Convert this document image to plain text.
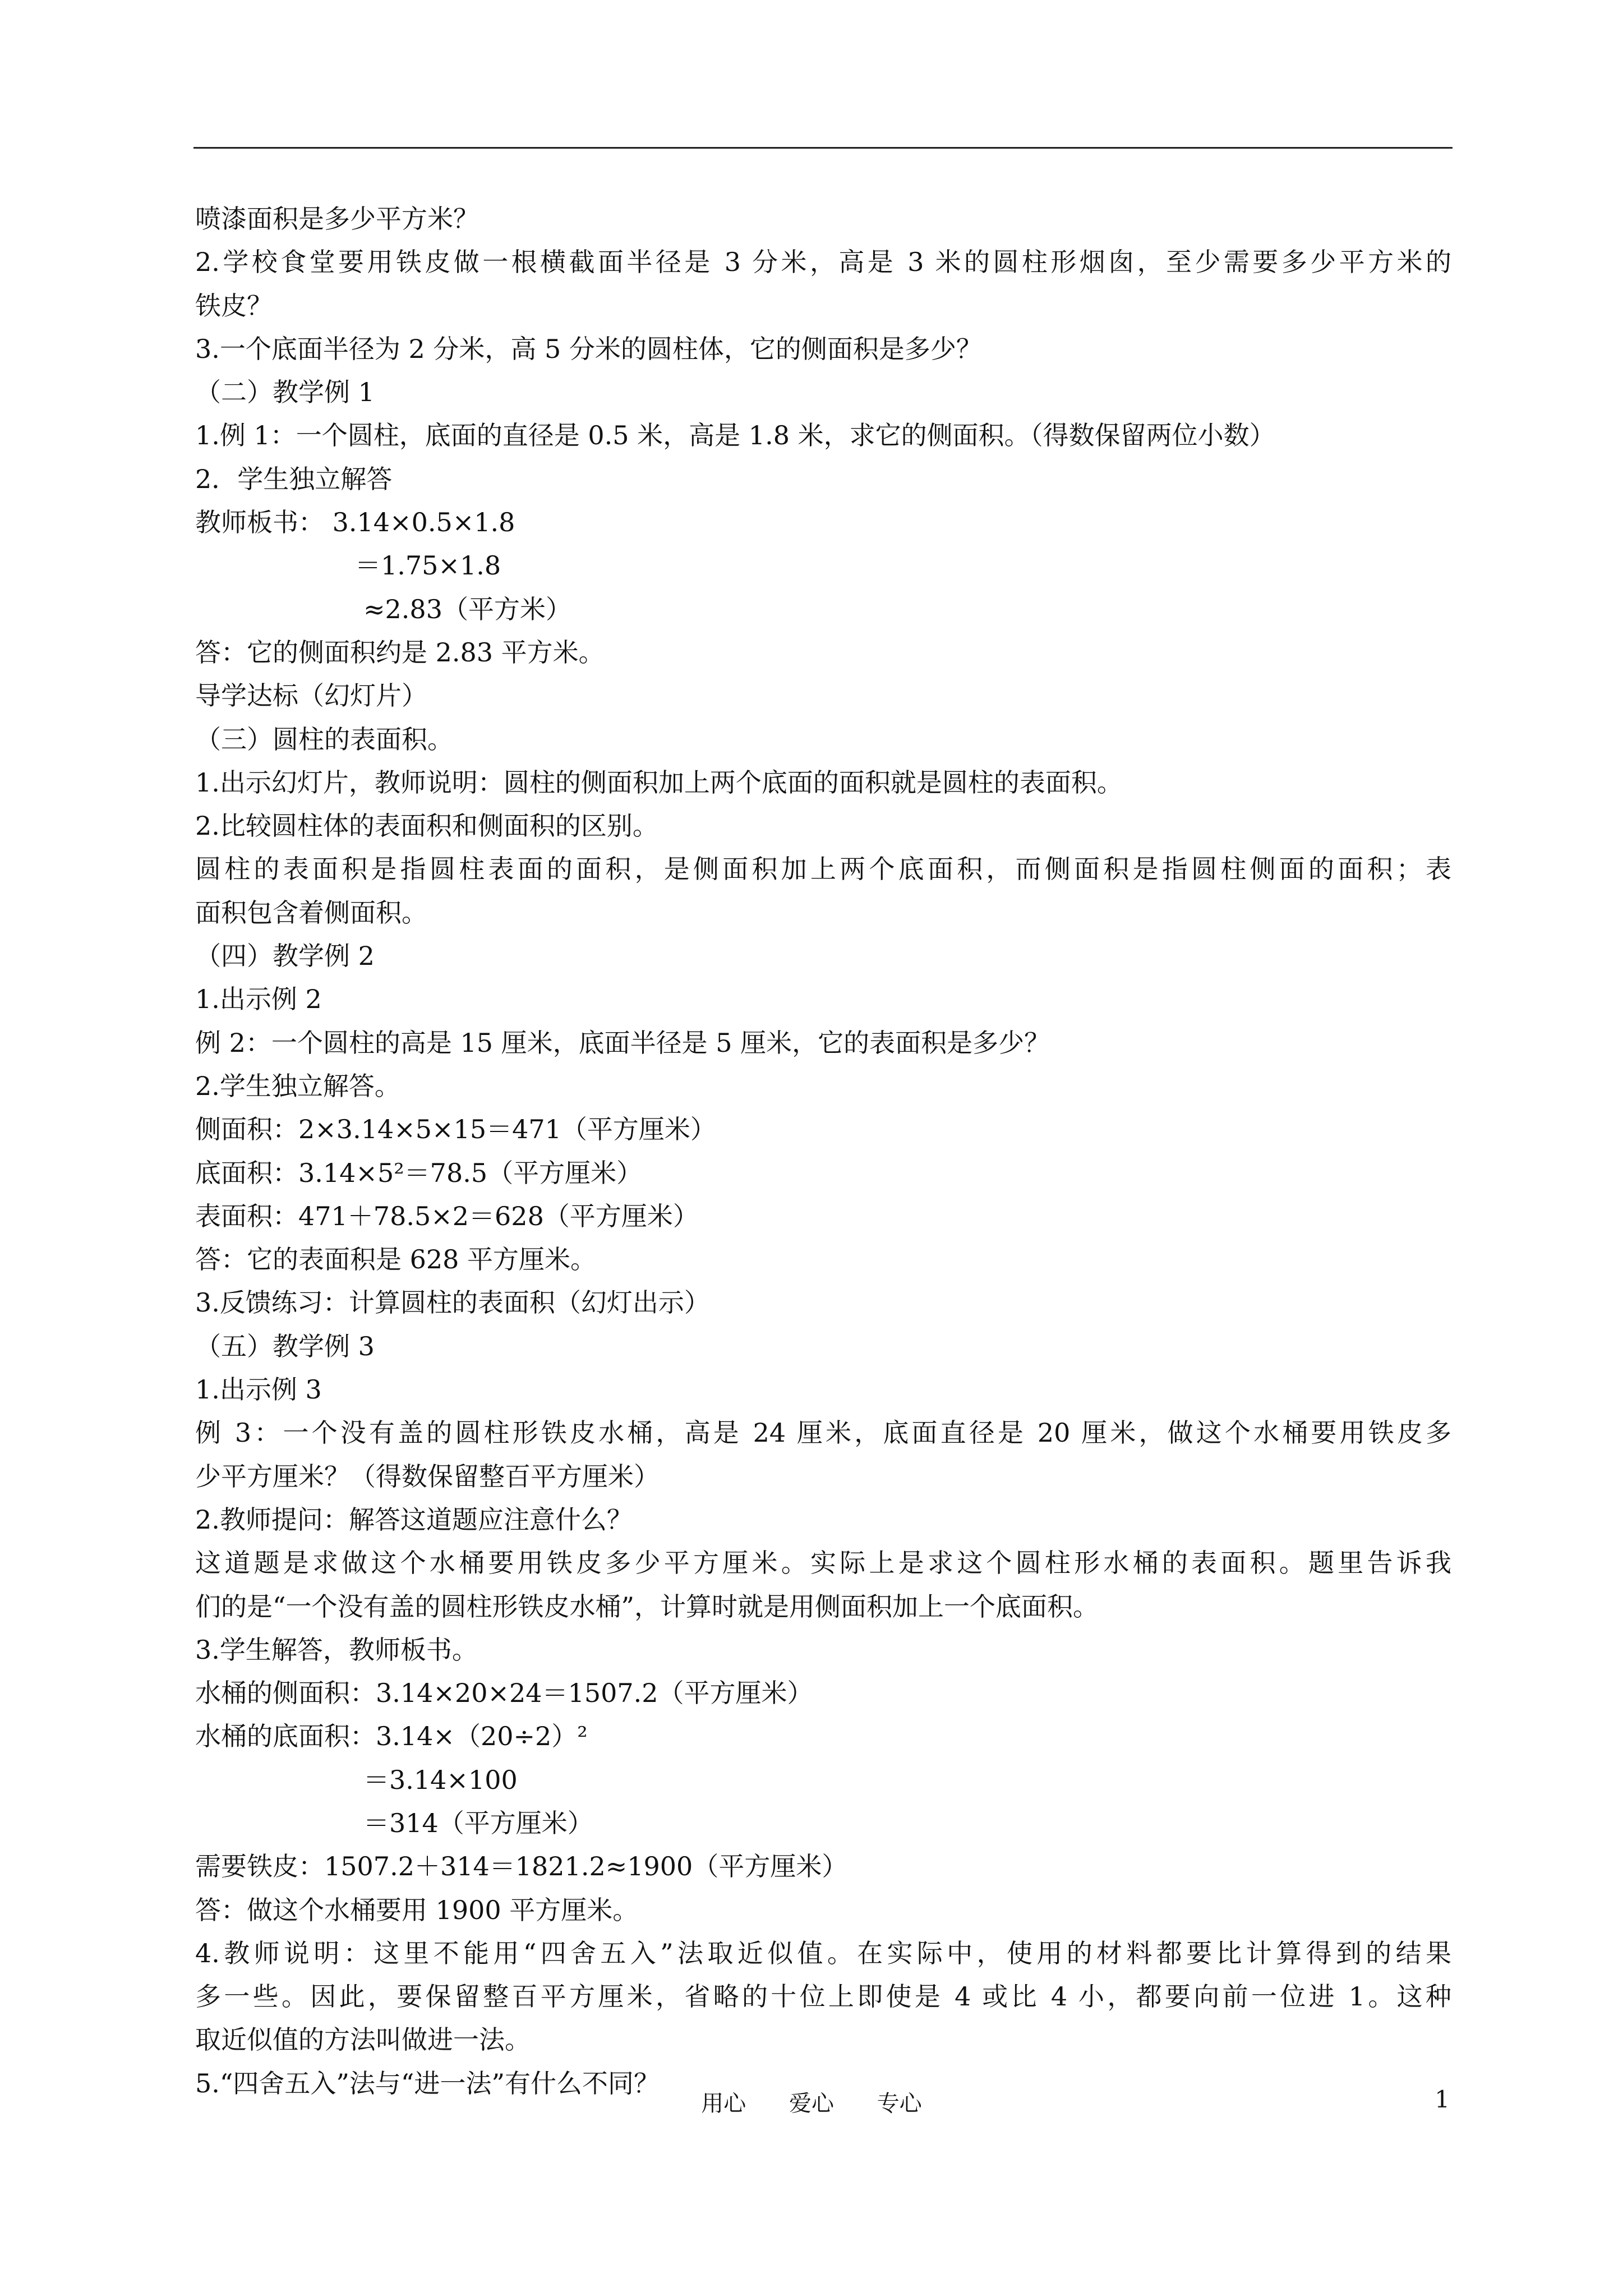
喷漆面积是多少平方米？
2.学校食堂要用铁皮做一根横截面半径是 3 分米，高是 3 米的圆柱形烟囱，至少需要多少平方米的
铁皮？
3.一个底面半径为 2 分米，高 5 分米的圆柱体，它的侧面积是多少？
（二）教学例 1
1.例 1：一个圆柱，底面的直径是 0.5 米，高是 1.8 米，求它的侧面积。（得数保留两位小数）
2．学生独立解答
教师板书： 3.14×0.5×1.8
＝1.75×1.8
≈2.83（平方米）
答：它的侧面积约是 2.83 平方米。
导学达标（幻灯片）
（三）圆柱的表面积。
1.出示幻灯片，教师说明：圆柱的侧面积加上两个底面的面积就是圆柱的表面积。
2.比较圆柱体的表面积和侧面积的区别。
圆柱的表面积是指圆柱表面的面积，是侧面积加上两个底面积，而侧面积是指圆柱侧面的面积；表
面积包含着侧面积。
（四）教学例 2
1.出示例 2
例 2：一个圆柱的高是 15 厘米，底面半径是 5 厘米，它的表面积是多少？
2.学生独立解答。
侧面积：2×3.14×5×15＝471（平方厘米）
底面积：3.14×5²＝78.5（平方厘米）
表面积：471＋78.5×2＝628（平方厘米）
答：它的表面积是 628 平方厘米。
3.反馈练习：计算圆柱的表面积（幻灯出示）
（五）教学例 3
1.出示例 3
例 3：一个没有盖的圆柱形铁皮水桶，高是 24 厘米，底面直径是 20 厘米，做这个水桶要用铁皮多
少平方厘米？（得数保留整百平方厘米）
2.教师提问：解答这道题应注意什么？
这道题是求做这个水桶要用铁皮多少平方厘米。实际上是求这个圆柱形水桶的表面积。题里告诉我
们的是“一个没有盖的圆柱形铁皮水桶”，计算时就是用侧面积加上一个底面积。
3.学生解答，教师板书。
水桶的侧面积：3.14×20×24＝1507.2（平方厘米）
水桶的底面积：3.14×（20÷2）²
＝3.14×100
＝314（平方厘米）
需要铁皮：1507.2＋314＝1821.2≈1900（平方厘米）
答：做这个水桶要用 1900 平方厘米。
4.教师说明：这里不能用“四舍五入”法取近似值。在实际中，使用的材料都要比计算得到的结果
多一些。因此，要保留整百平方厘米，省略的十位上即使是 4 或比 4 小，都要向前一位进 1。这种
取近似值的方法叫做进一法。
5.“四舍五入”法与“进一法”有什么不同？
用心 爱心 专心	1
